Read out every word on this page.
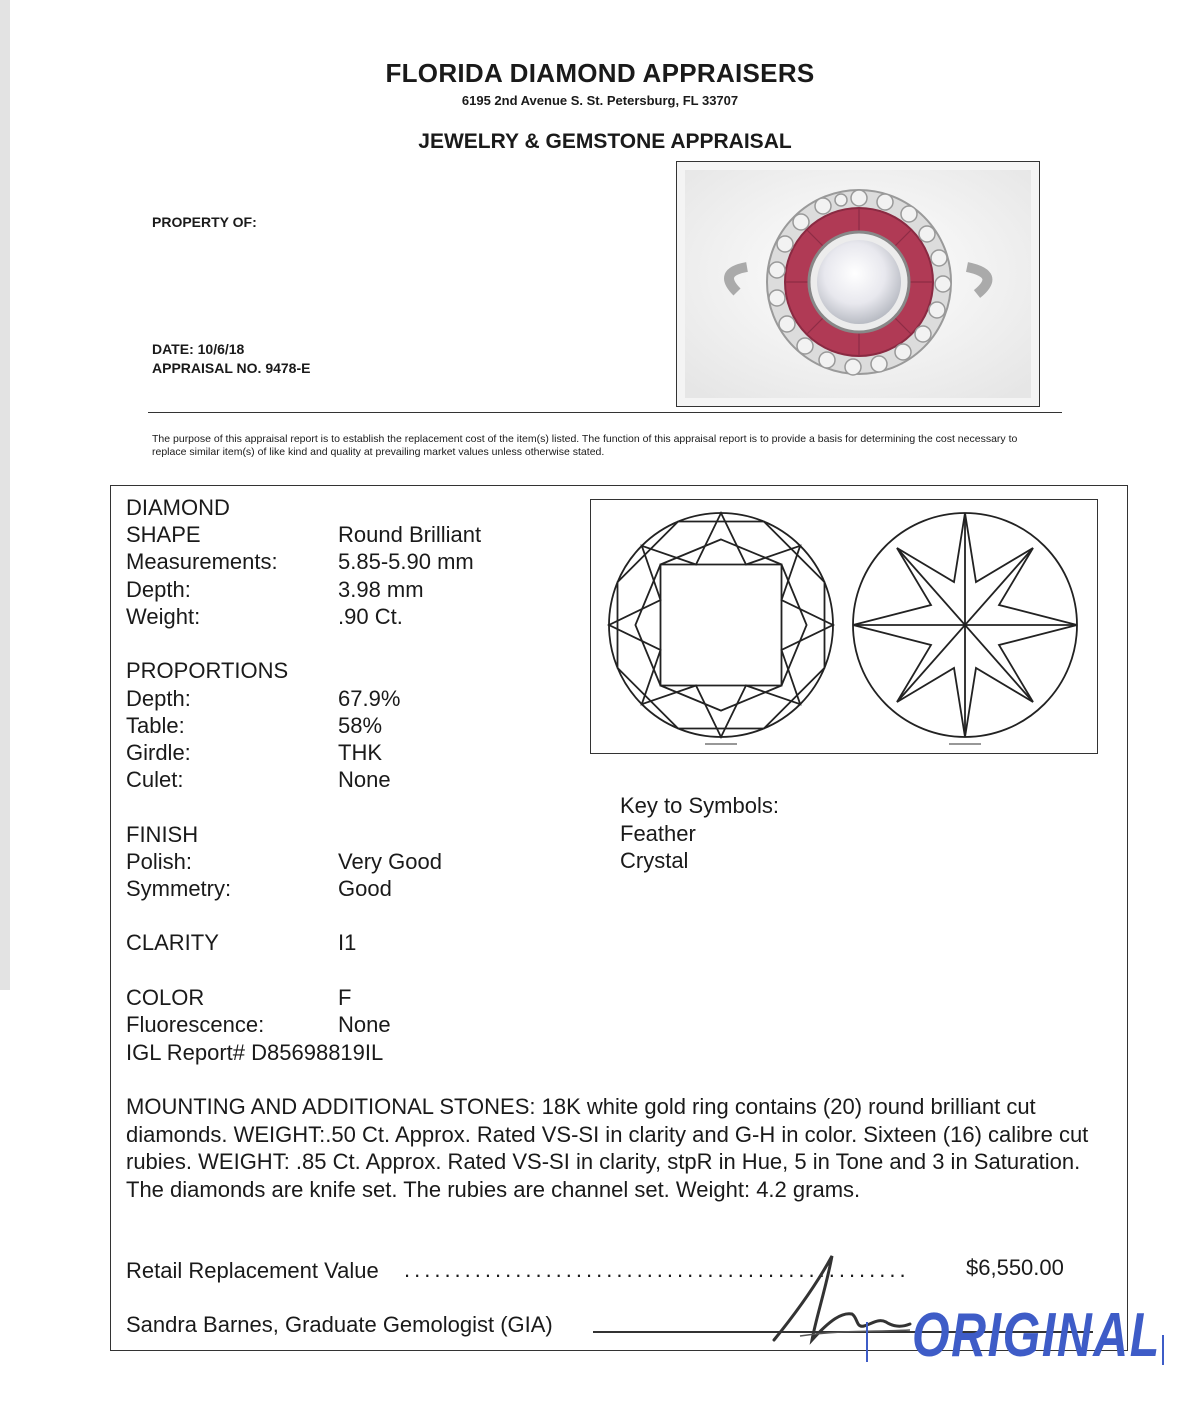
FLORIDA DIAMOND APPRAISERS
6195 2nd Avenue S. St. Petersburg, FL 33707
JEWELRY & GEMSTONE APPRAISAL
PROPERTY OF:
DATE: 10/6/18
APPRAISAL NO. 9478-E
The purpose of this appraisal report is to establish the replacement cost of the item(s) listed. The function of this appraisal report is to provide a basis for determining the cost necessary to replace similar item(s) of like kind and quality at prevailing market values unless otherwise stated.
DIAMOND
SHAPE	Round Brilliant
Measurements:	5.85-5.90 mm
Depth:	3.98 mm
Weight:	.90 Ct.
PROPORTIONS
Depth:	67.9%
Table:	58%
Girdle:	THK
Culet:	None
FINISH
Polish:	Very Good
Symmetry:	Good
CLARITY	I1
COLOR	F
Fluorescence:	None
IGL Report# D85698819IL
Key to Symbols:
Feather
Crystal
MOUNTING AND ADDITIONAL STONES: 18K white gold ring contains (20) round brilliant cut diamonds. WEIGHT:.50 Ct. Approx. Rated VS-SI in clarity and G-H in color. Sixteen (16) calibre cut rubies. WEIGHT: .85 Ct. Approx. Rated VS-SI in clarity, stpR in Hue, 5 in Tone and 3 in Saturation. The diamonds are knife set. The rubies are channel set. Weight: 4.2 grams.
Retail Replacement Value ..................................................	$6,550.00
Sandra Barnes, Graduate Gemologist (GIA)	ORIGINAL
